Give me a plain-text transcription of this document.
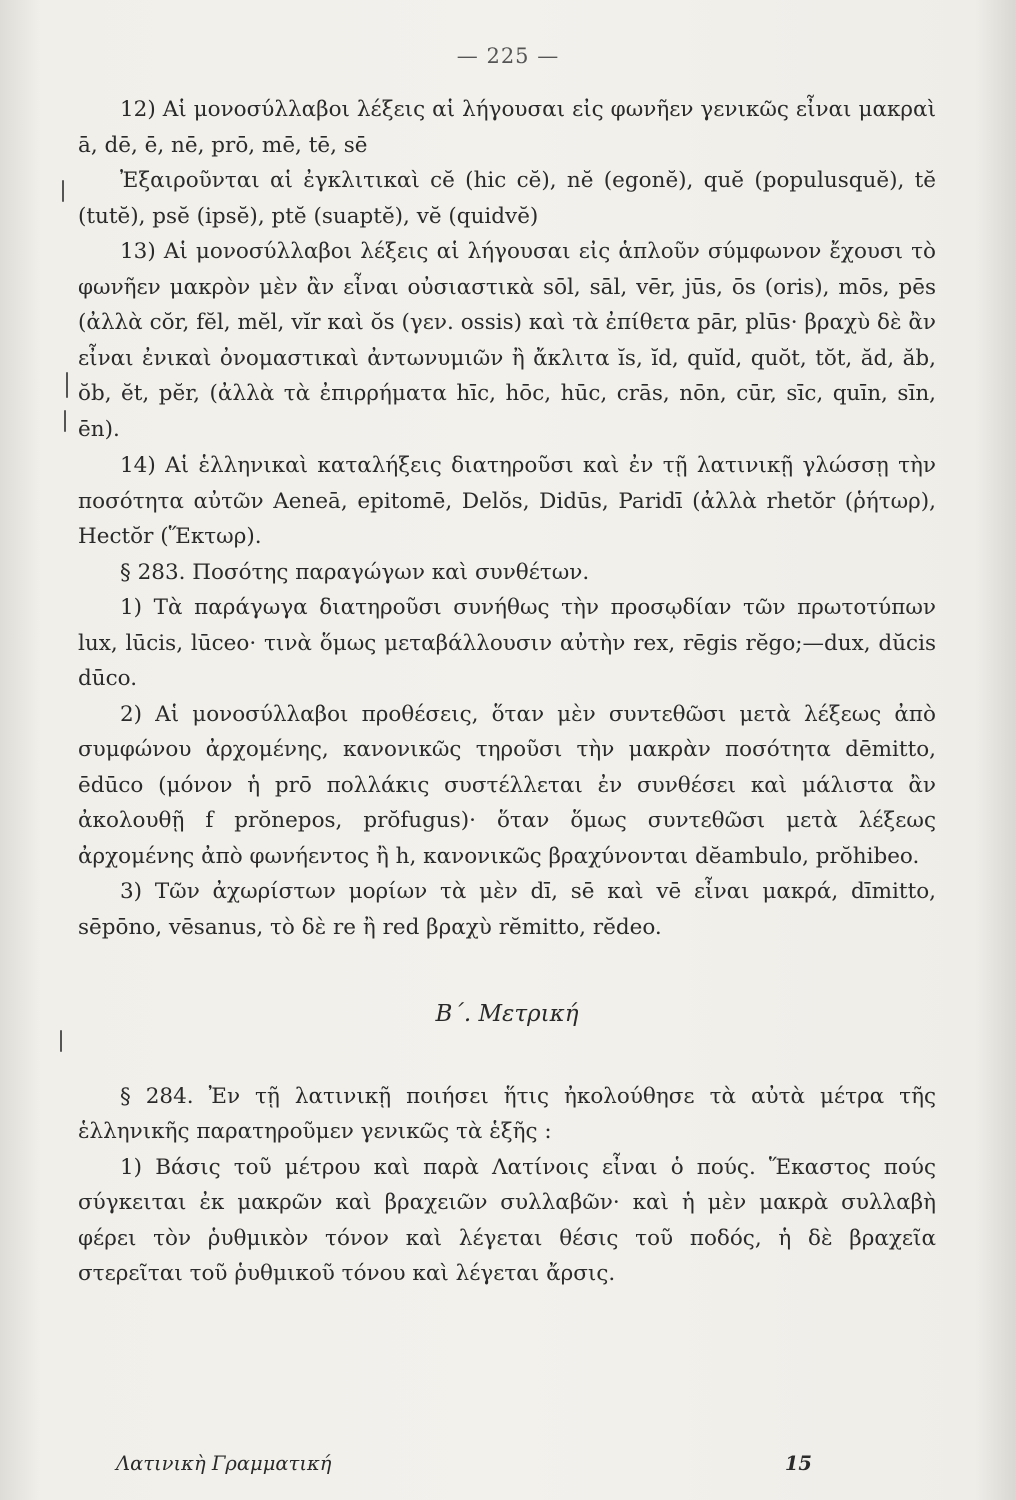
— 225 —

12) Αἱ μονοσύλλαβοι λέξεις αἱ λήγουσαι εἰς φωνῆεν γενικῶς εἶναι μακραὶ ā, dē, ē, nē, prō, mē, tē, sē

Ἐξαιροῦνται αἱ ἐγκλιτικαὶ cĕ (hic cĕ), nĕ (egonĕ), quĕ (populusquĕ), tĕ (tutĕ), psĕ (ipsĕ), ptĕ (suaptĕ), vĕ (quidvĕ)

13) Αἱ μονοσύλλαβοι λέξεις αἱ λήγουσαι εἰς ἁπλοῦν σύμφωνον ἔχουσι τὸ φωνῆεν μακρὸν μὲν ἂν εἶναι οὐσιαστικὰ sōl, sāl, vēr, jūs, ōs (oris), mōs, pēs (ἀλλὰ cŏr, fĕl, mĕl, vĭr καὶ ŏs (γεν. ossis) καὶ τὰ ἐπίθετα pār, plūs· βραχὺ δὲ ἂν εἶναι ἐνικαὶ ὀνομαστικαὶ ἀντωνυμιῶν ἢ ἄκλιτα ĭs, ĭd, quĭd, quŏt, tŏt, ăd, ăb, ŏb, ĕt, pĕr, (ἀλλὰ τὰ ἐπιρρήματα hīc, hōc, hūc, crās, nōn, cūr, sīc, quīn, sīn, ēn).

14) Αἱ ἑλληνικαὶ καταλήξεις διατηροῦσι καὶ ἐν τῇ λατινικῇ γλώσσῃ τὴν ποσότητα αὐτῶν Aeneā, epitomē, Delŏs, Didūs, Paridī (ἀλλὰ rhetŏr (ῥήτωρ), Hectŏr (Ἕκτωρ).

§ 283. Ποσότης παραγώγων καὶ συνθέτων.

1) Τὰ παράγωγα διατηροῦσι συνήθως τὴν προσῳδίαν τῶν πρωτοτύπων lux, lūcis, lūceo· τινὰ ὅμως μεταβάλλουσιν αὐτὴν rex, rēgis rĕgo;—dux, dŭcis dūco.

2) Αἱ μονοσύλλαβοι προθέσεις, ὅταν μὲν συντεθῶσι μετὰ λέξεως ἀπὸ συμφώνου ἀρχομένης, κανονικῶς τηροῦσι τὴν μακρὰν ποσότητα dēmitto, ēdūco (μόνον ἡ prō πολλάκις συστέλλεται ἐν συνθέσει καὶ μάλιστα ἂν ἀκολουθῇ f prŏnepos, prŏfugus)· ὅταν ὅμως συντεθῶσι μετὰ λέξεως ἀρχομένης ἀπὸ φωνήεντος ἢ h, κανονικῶς βραχύνονται dĕambulo, prŏhibeo.

3) Τῶν ἀχωρίστων μορίων τὰ μὲν dī, sē καὶ vē εἶναι μακρά, dīmitto, sēpōno, vēsanus, τὸ δὲ re ἢ red βραχὺ rĕmitto, rĕdeo.

Β΄. Μετρική

§ 284. Ἐν τῇ λατινικῇ ποιήσει ἥτις ἠκολούθησε τὰ αὐτὰ μέτρα τῆς ἑλληνικῆς παρατηροῦμεν γενικῶς τὰ ἑξῆς :

1) Βάσις τοῦ μέτρου καὶ παρὰ Λατίνοις εἶναι ὁ πούς. Ἕκαστος πούς σύγκειται ἐκ μακρῶν καὶ βραχειῶν συλλαβῶν· καὶ ἡ μὲν μακρὰ συλλαβὴ φέρει τὸν ῥυθμικὸν τόνον καὶ λέγεται θέσις τοῦ ποδός, ἡ δὲ βραχεῖα στερεῖται τοῦ ῥυθμικοῦ τόνου καὶ λέγεται ἄρσις.

Λατινικὴ Γραμματική	15
